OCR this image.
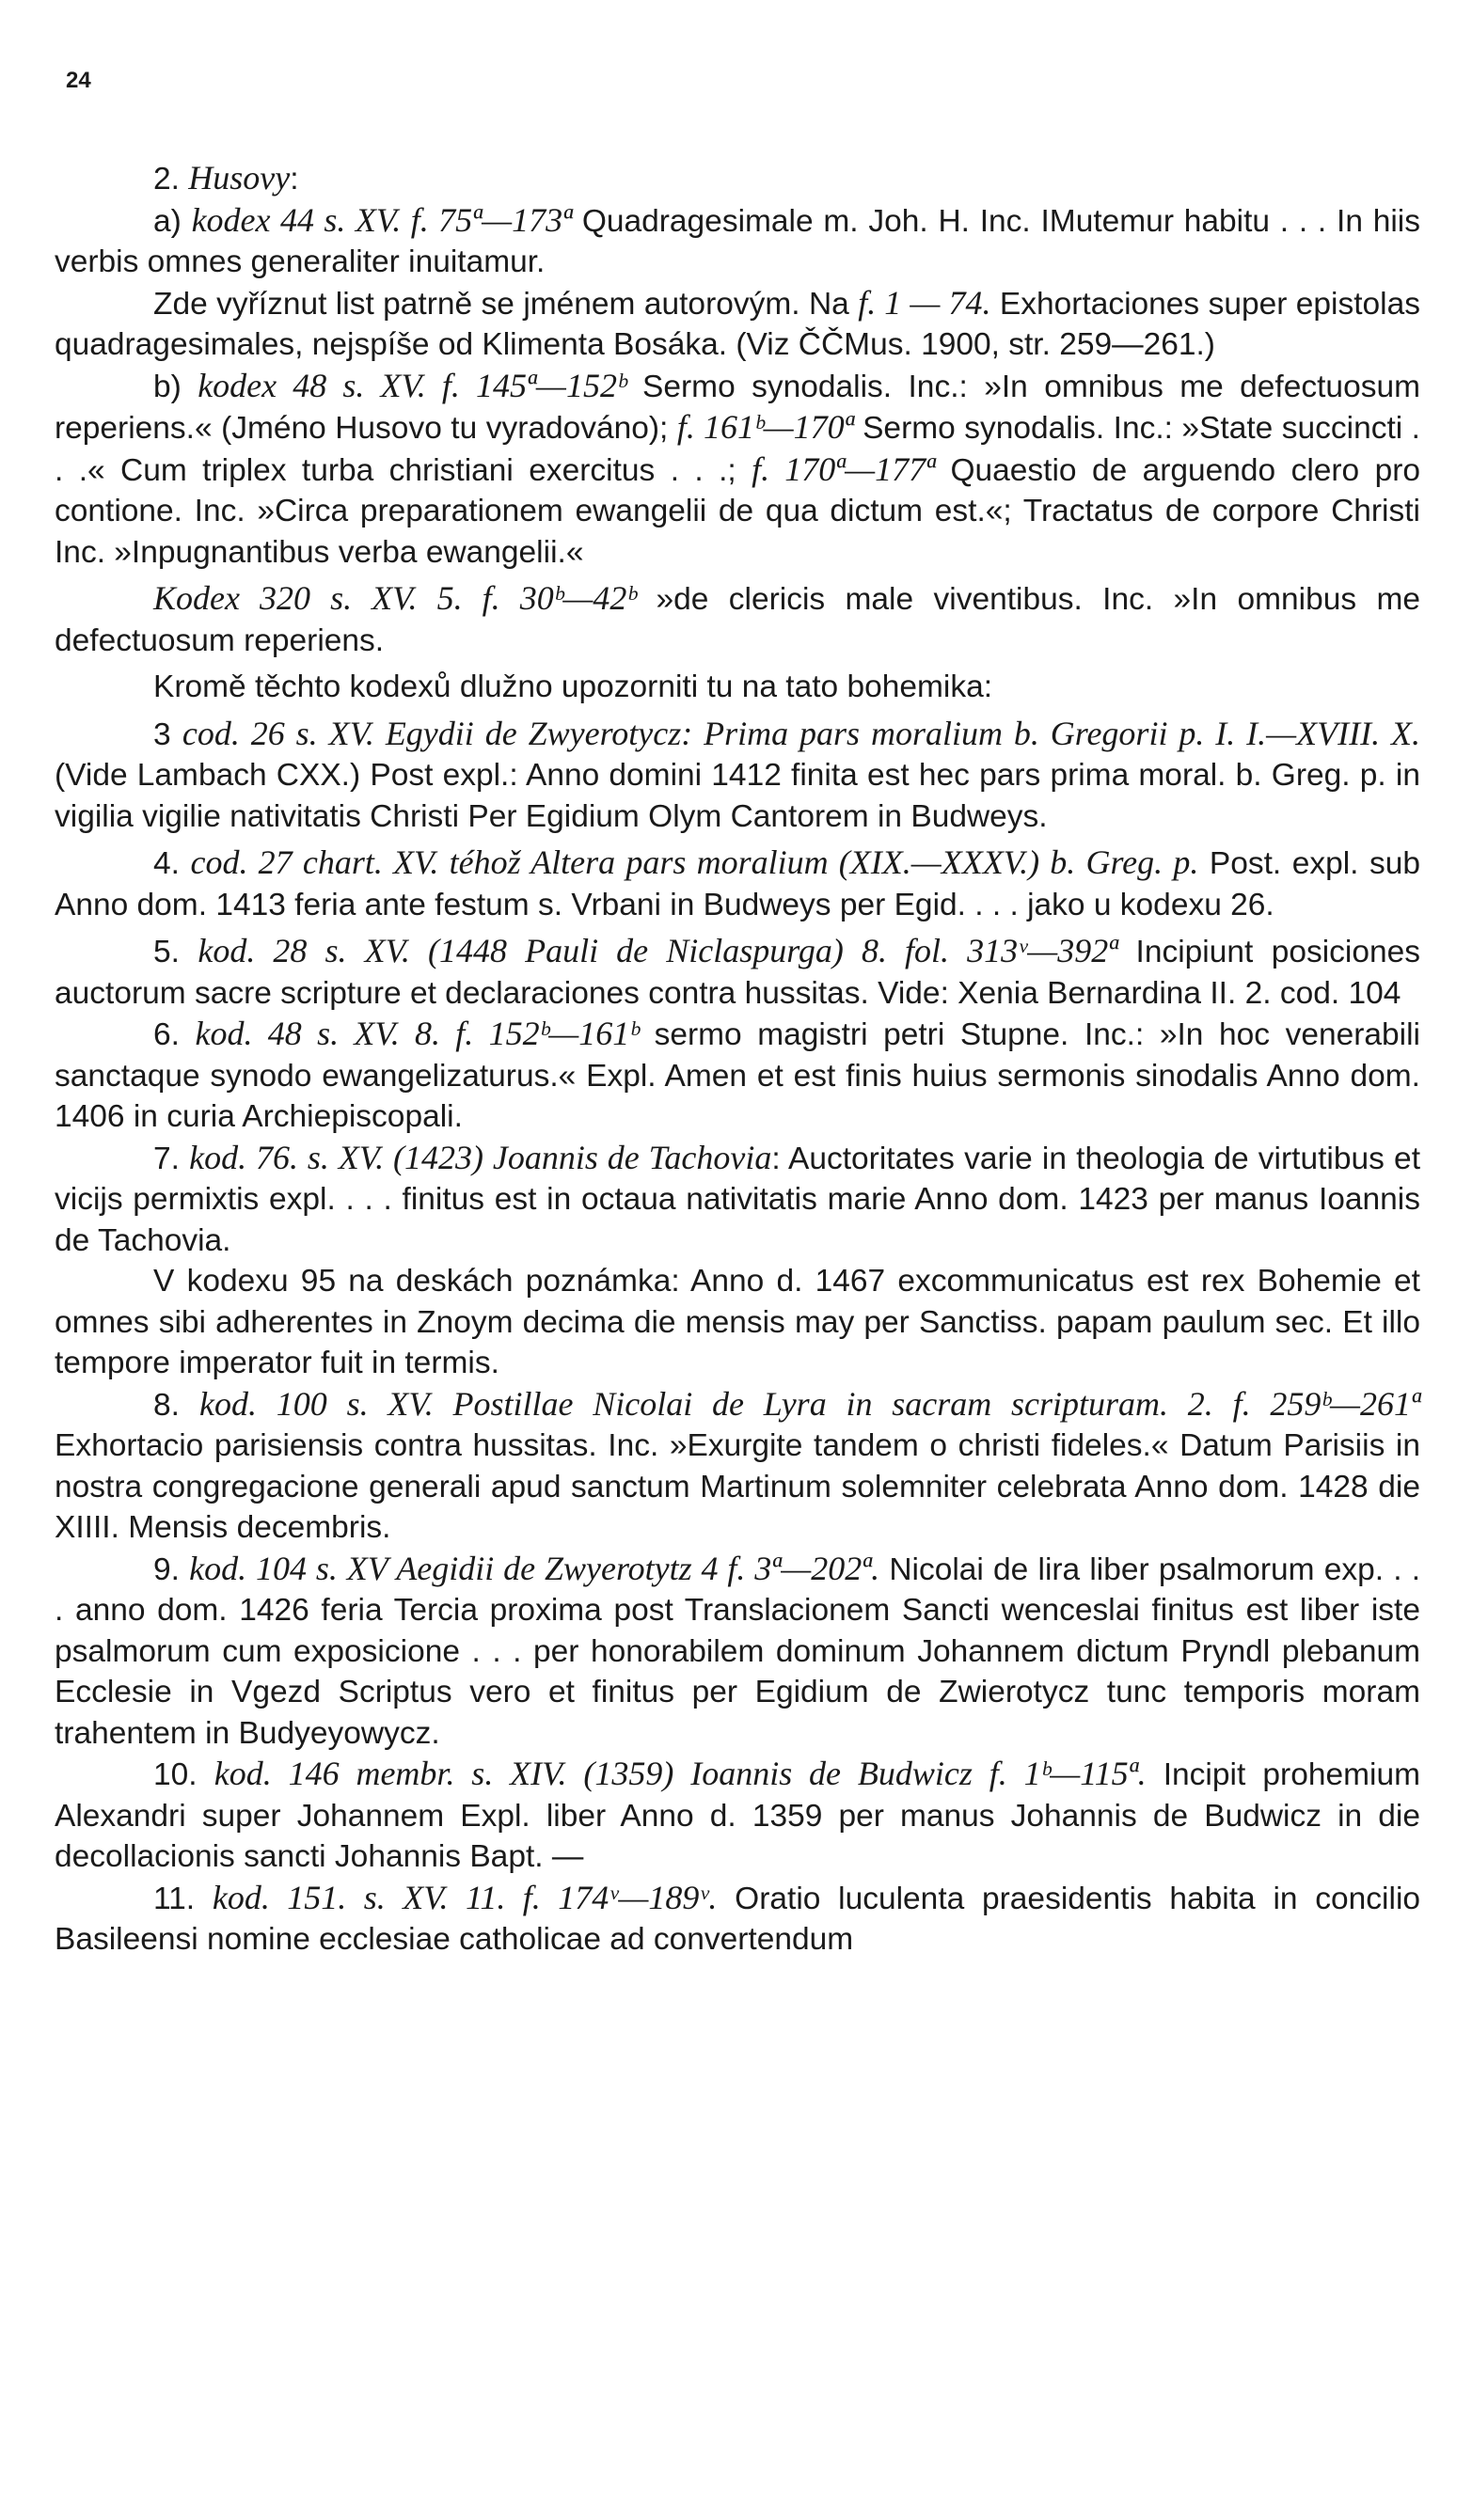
24

2. Husovy:

a) kodex 44 s. XV. f. 75ª—173ª Quadragesimale m. Joh. H. Inc. IMutemur habitu . . . In hiis verbis omnes generaliter inuitamur.

Zde vyříznut list patrně se jménem autorovým. Na f. 1 — 74. Exhortaciones super epistolas quadragesimales, nejspíše od Klimenta Bosáka. (Viz ČČMus. 1900, str. 259—261.)

b) kodex 48 s. XV. f. 145ª—152ᵇ Sermo synodalis. Inc.: »In omnibus me defectuosum reperiens.« (Jméno Husovo tu vyradováno); f. 161ᵇ—170ª Sermo synodalis. Inc.: »State succincti . . .« Cum triplex turba christiani exercitus . . .; f. 170ª—177ª Quaestio de arguendo clero pro contione. Inc. »Circa preparationem ewangelii de qua dictum est.«; Tractatus de corpore Christi Inc. »Inpugnantibus verba ewangelii.«

Kodex 320 s. XV. 5. f. 30ᵇ—42ᵇ »de clericis male viventibus. Inc. »In omnibus me defectuosum reperiens.

Kromě těchto kodexů dlužno upozorniti tu na tato bohemika:

3 cod. 26 s. XV. Egydii de Zwyerotycz: Prima pars moralium b. Gregorii p. I. I.—XVIII. X. (Vide Lambach CXX.) Post expl.: Anno domini 1412 finita est hec pars prima moral. b. Greg. p. in vigilia vigilie nativitatis Christi Per Egidium Olym Cantorem in Budweys.

4. cod. 27 chart. XV. téhož Altera pars moralium (XIX.—XXXV.) b. Greg. p. Post. expl. sub Anno dom. 1413 feria ante festum s. Vrbani in Budweys per Egid. . . . jako u kodexu 26.

5. kod. 28 s. XV. (1448 Pauli de Niclaspurga) 8. fol. 313ᵛ—392ª Incipiunt posiciones auctorum sacre scripture et declaraciones contra hussitas. Vide: Xenia Bernardina II. 2. cod. 104

6. kod. 48 s. XV. 8. f. 152ᵇ—161ᵇ sermo magistri petri Stupne. Inc.: »In hoc venerabili sanctaque synodo ewangelizaturus.« Expl. Amen et est finis huius sermonis sinodalis Anno dom. 1406 in curia Archiepiscopali.

7. kod. 76. s. XV. (1423) Joannis de Tachovia: Auctoritates varie in theologia de virtutibus et vicijs permixtis expl. . . . finitus est in octaua nativitatis marie Anno dom. 1423 per manus Ioannis de Tachovia.

V kodexu 95 na deskách poznámka: Anno d. 1467 excommunicatus est rex Bohemie et omnes sibi adherentes in Znoym decima die mensis may per Sanctiss. papam paulum sec. Et illo tempore imperator fuit in termis.

8. kod. 100 s. XV. Postillae Nicolai de Lyra in sacram scripturam. 2. f. 259ᵇ—261ª Exhortacio parisiensis contra hussitas. Inc. »Exurgite tandem o christi fideles.« Datum Parisiis in nostra congregacione generali apud sanctum Martinum solemniter celebrata Anno dom. 1428 die XIIII. Mensis decembris.

9. kod. 104 s. XV Aegidii de Zwyerotytz 4 f. 3ª—202ª. Nicolai de lira liber psalmorum exp. . . . anno dom. 1426 feria Tercia proxima post Translacionem Sancti wenceslai finitus est liber iste psalmorum cum exposicione . . . per honorabilem dominum Johannem dictum Pryndl plebanum Ecclesie in Vgezd Scriptus vero et finitus per Egidium de Zwierotycz tunc temporis moram trahentem in Budyeyowycz.

10. kod. 146 membr. s. XIV. (1359) Ioannis de Budwicz f. 1ᵇ—115ª. Incipit prohemium Alexandri super Johannem Expl. liber Anno d. 1359 per manus Johannis de Budwicz in die decollacionis sancti Johannis Bapt. —

11. kod. 151. s. XV. 11. f. 174ᵛ—189ᵛ. Oratio luculenta praesidentis habita in concilio Basileensi nomine ecclesiae catholicae ad convertendum
